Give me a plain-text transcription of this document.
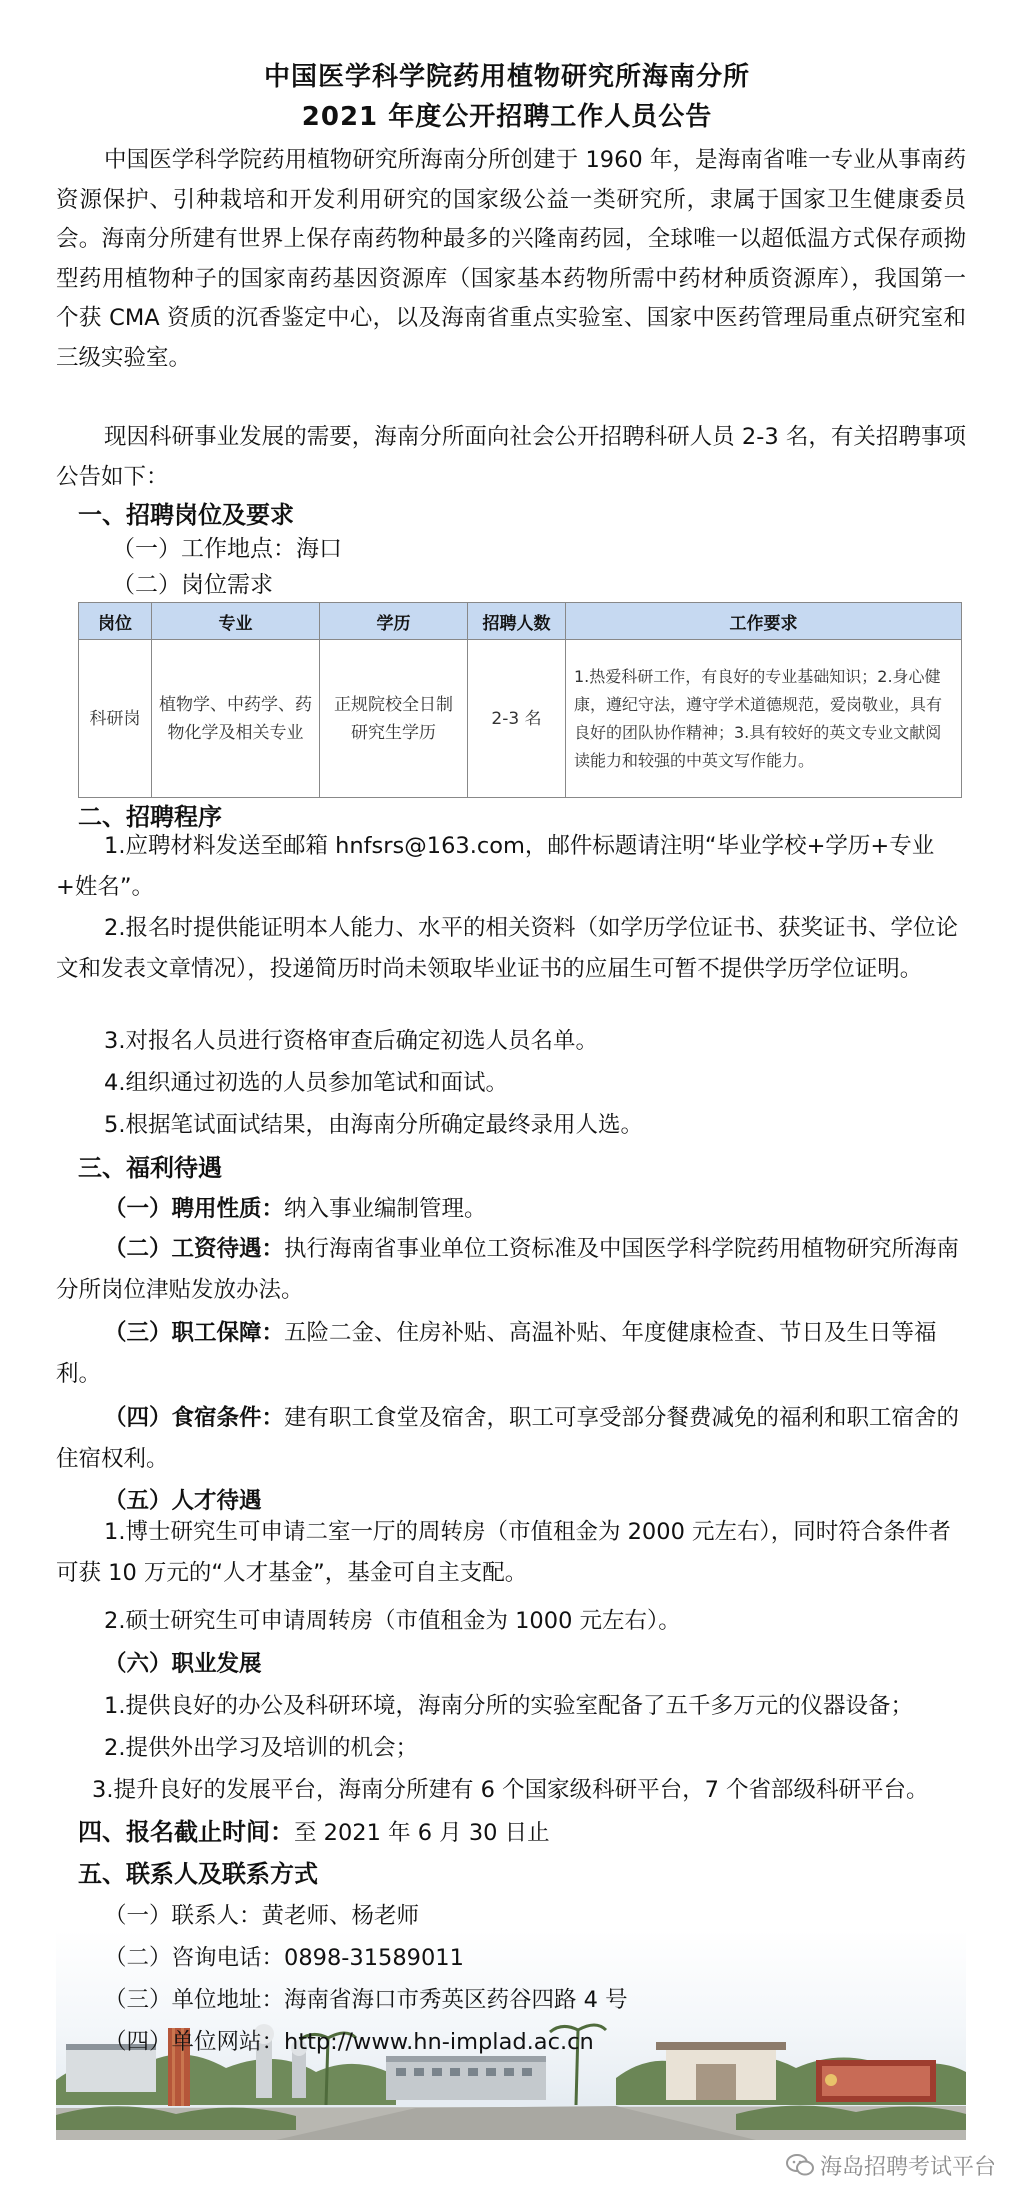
中国医学科学院药用植物研究所海南分所
2021 年度公开招聘工作人员公告

中国医学科学院药用植物研究所海南分所创建于 1960 年，是海南省唯一专业从事南药资源保护、引种栽培和开发利用研究的国家级公益一类研究所，隶属于国家卫生健康委员会。海南分所建有世界上保存南药物种最多的兴隆南药园，全球唯一以超低温方式保存顽拗型药用植物种子的国家南药基因资源库（国家基本药物所需中药材种质资源库），我国第一个获 CMA 资质的沉香鉴定中心，以及海南省重点实验室、国家中医药管理局重点研究室和三级实验室。

现因科研事业发展的需要，海南分所面向社会公开招聘科研人员 2-3 名，有关招聘事项公告如下：

一、招聘岗位及要求
（一）工作地点：海口
岗位	专业	学历	招聘人数	工作要求
科研岗	植物学、中药学、药物化学及相关专业	正规院校全日制研究生学历	2-3 名	1.热爱科研工作，有良好的专业基础知识；2.身心健康，遵纪守法，遵守学术道德规范，爱岗敬业，具有良好的团队协作精神；3.具有较好的英文专业文献阅读能力和较强的中英文写作能力。
二、招聘程序

1.应聘材料发送至邮箱 hnfsrs@163.com，邮件标题请注明“毕业学校+学历+专业+姓名”。

2.报名时提供能证明本人能力、水平的相关资料（如学历学位证书、获奖证书、学位论文和发表文章情况），投递简历时尚未领取毕业证书的应届生可暂不提供学历学位证明。

3.对报名人员进行资格审查后确定初选人员名单。
4.组织通过初选的人员参加笔试和面试。
5.根据笔试面试结果，由海南分所确定最终录用人选。
三、福利待遇
（一）聘用性质：纳入事业编制管理。

（二）工资待遇：执行海南省事业单位工资标准及中国医学科学院药用植物研究所海南分所岗位津贴发放办法。

（三）职工保障：五险二金、住房补贴、高温补贴、年度健康检查、节日及生日等福利。

（四）食宿条件：建有职工食堂及宿舍，职工可享受部分餐费减免的福利和职工宿舍的住宿权利。

（五）人才待遇

1.博士研究生可申请二室一厅的周转房（市值租金为 2000 元左右），同时符合条件者可获 10 万元的“人才基金”，基金可自主支配。

2.硕士研究生可申请周转房（市值租金为 1000 元左右）。
（六）职业发展
1.提供良好的办公及科研环境，海南分所的实验室配备了五千多万元的仪器设备；
2.提供外出学习及培训的机会；
3.提升良好的发展平台，海南分所建有 6 个国家级科研平台，7 个省部级科研平台。
四、报名截止时间：至 2021 年 6 月 30 日止
五、联系人及联系方式
（一）联系人：黄老师、杨老师
（二）咨询电话：0898-31589011
（三）单位地址：海南省海口市秀英区药谷四路 4 号
（四）单位网站：http://www.hn-implad.ac.cn
海岛招聘考试平台
（二）岗位需求
